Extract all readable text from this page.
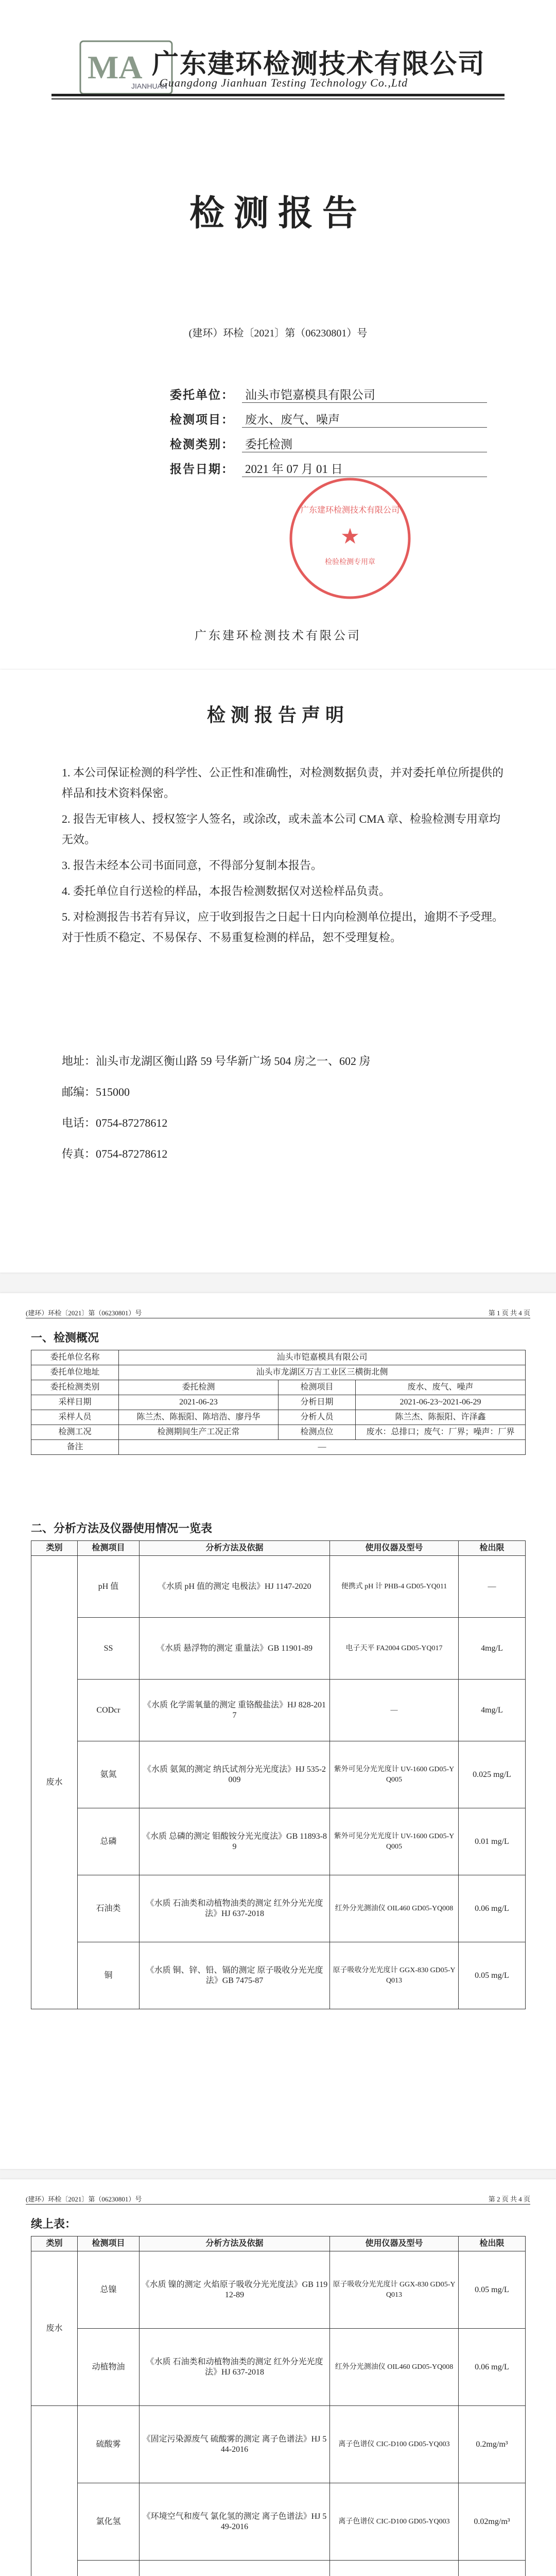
MA
JIANHUAN
广东建环检测技术有限公司
Guangdong Jianhuan Testing Technology Co.,Ltd
检测报告
(建环）环检〔2021〕第（06230801）号
委托单位： 汕头市铠嘉模具有限公司
检测项目： 废水、废气、噪声
检测类别： 委托检测
报告日期： 2021 年 07 月 01 日
★
检验检测专用章
广东建环检测技术有限公司
广东建环检测技术有限公司
检测报告声明
1. 本公司保证检测的科学性、公正性和准确性，对检测数据负责，并对委托单位所提供的样品和技术资料保密。
2. 报告无审核人、授权签字人签名，或涂改，或未盖本公司 CMA 章、检验检测专用章均无效。
3. 报告未经本公司书面同意，不得部分复制本报告。
4. 委托单位自行送检的样品，本报告检测数据仅对送检样品负责。
5. 对检测报告书若有异议，应于收到报告之日起十日内向检测单位提出，逾期不予受理。对于性质不稳定、不易保存、不易重复检测的样品，恕不受理复检。
地址：汕头市龙湖区衡山路 59 号华新广场 504 房之一、602 房
邮编：515000
电话：0754-87278612
传真：0754-87278612
(建环）环检〔2021〕第（06230801）号	第 1 页 共 4 页
一、检测概况
委托单位名称	汕头市铠嘉模具有限公司		
委托单位地址	汕头市龙湖区万吉工业区三横街北侧		
委托检测类别	委托检测	检测项目	废水、废气、噪声
采样日期	2021-06-23	分析日期	2021-06-23~2021-06-29
采样人员	陈兰杰、陈振阳、陈培浩、廖丹华	分析人员	陈兰杰、陈振阳、许泽鑫
检测工况	检测期间生产工况正常	检测点位	废水：总排口；废气：厂界；噪声：厂界
备注	—		
二、分析方法及仪器使用情况一览表
类别	检测项目	分析方法及依据	使用仪器及型号	检出限
废水	pH 值	《水质 pH 值的测定 电极法》HJ 1147-2020	便携式 pH 计 PHB-4 GD05-YQ011	—
	SS	《水质 悬浮物的测定 重量法》GB 11901-89	电子天平 FA2004 GD05-YQ017	4mg/L
	CODcr	《水质 化学需氧量的测定 重铬酸盐法》HJ 828-2017	—	4mg/L
	氨氮	《水质 氨氮的测定 纳氏试剂分光光度法》HJ 535-2009	紫外可见分光光度计 UV-1600 GD05-YQ005	0.025 mg/L
	总磷	《水质 总磷的测定 钼酸铵分光光度法》GB 11893-89	紫外可见分光光度计 UV-1600 GD05-YQ005	0.01 mg/L
	石油类	《水质 石油类和动植物油类的测定 红外分光光度法》HJ 637-2018	红外分光测油仪 OIL460 GD05-YQ008	0.06 mg/L
	铜	《水质 铜、锌、铅、镉的测定 原子吸收分光光度法》GB 7475-87	原子吸收分光光度计 GGX-830 GD05-YQ013	0.05 mg/L
(建环）环检〔2021〕第（06230801）号	第 2 页 共 4 页
续上表：
类别	检测项目	分析方法及依据	使用仪器及型号	检出限
废水	总镍	《水质 镍的测定 火焰原子吸收分光光度法》GB 11912-89	原子吸收分光光度计 GGX-830 GD05-YQ013	0.05 mg/L
	动植物油	《水质 石油类和动植物油类的测定 红外分光光度法》HJ 637-2018	红外分光测油仪 OIL460 GD05-YQ008	0.06 mg/L
	硫酸雾	《固定污染源废气 硫酸雾的测定 离子色谱法》HJ 544-2016	离子色谱仪 CIC-D100 GD05-YQ003	0.2mg/m³
	氯化氢	《环境空气和废气 氯化氢的测定 离子色谱法》HJ 549-2016	离子色谱仪 CIC-D100 GD05-YQ003	0.02mg/m³
